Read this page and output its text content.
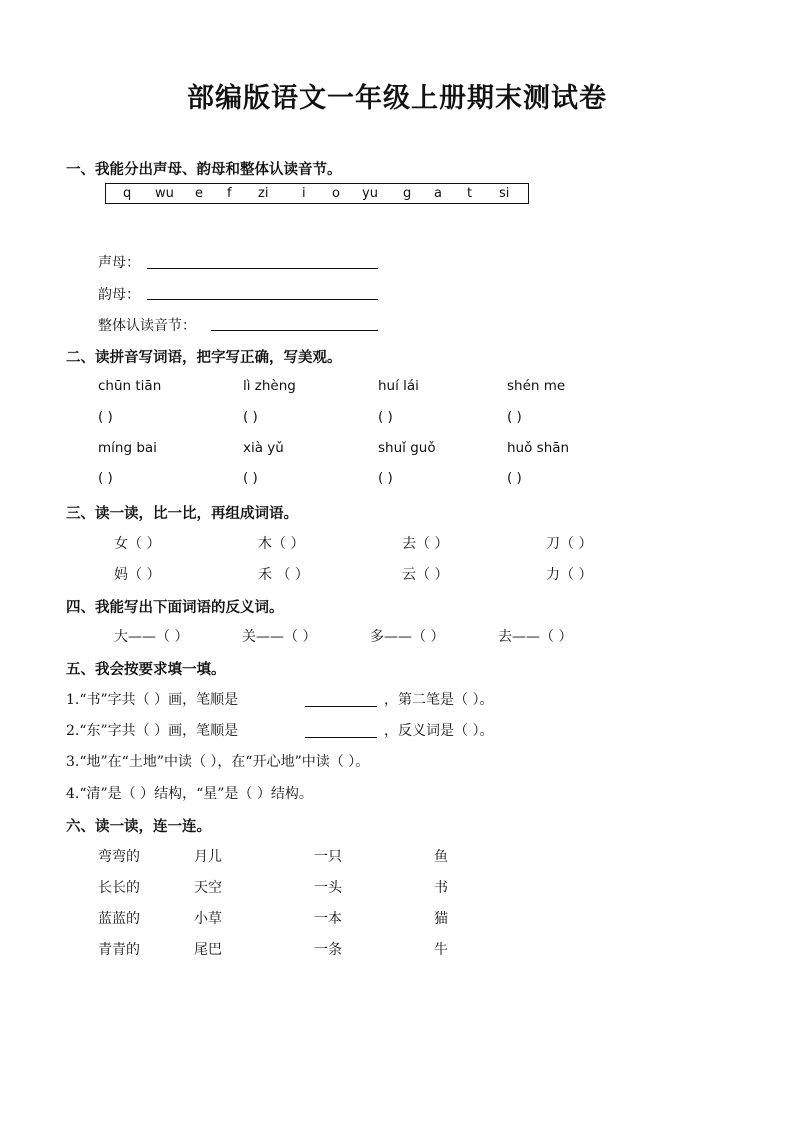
部编版语文一年级上册期末测试卷
一、我能分出声母、韵母和整体认读音节。
q wu e f zi	i o yu g a t si
声母：
韵母：
整体认读音节：
二、读拼音写词语，把字写正确，写美观。
chūn tiān	lì zhèng	huí lái	shén me
( )	( )	( )	( )
míng bai	xià yǔ	shuǐ guǒ	huǒ shān
( )	( )	( )	( )
三、读一读，比一比，再组成词语。
女（ ）	木（ ）	去（ ）	刀（ ）
妈（ ）	禾 （ ）	云（ ）	力（ ）
四、我能写出下面词语的反义词。
大——（ ）	关——（ ）	多——（ ）	去——（ ）
五、我会按要求填一填。
1.“书”字共（ ）画，笔顺是	，第二笔是（ ）。
2.“东”字共（ ）画，笔顺是	，反义词是（ ）。
3.“地”在“土地”中读（ ），在“开心地”中读（ ）。
4.“清”是（ ）结构，“星”是（ ）结构。
六、读一读，连一连。
弯弯的	月儿	一只	鱼
长长的	天空	一头	书
蓝蓝的	小草	一本	猫
青青的	尾巴	一条	牛
